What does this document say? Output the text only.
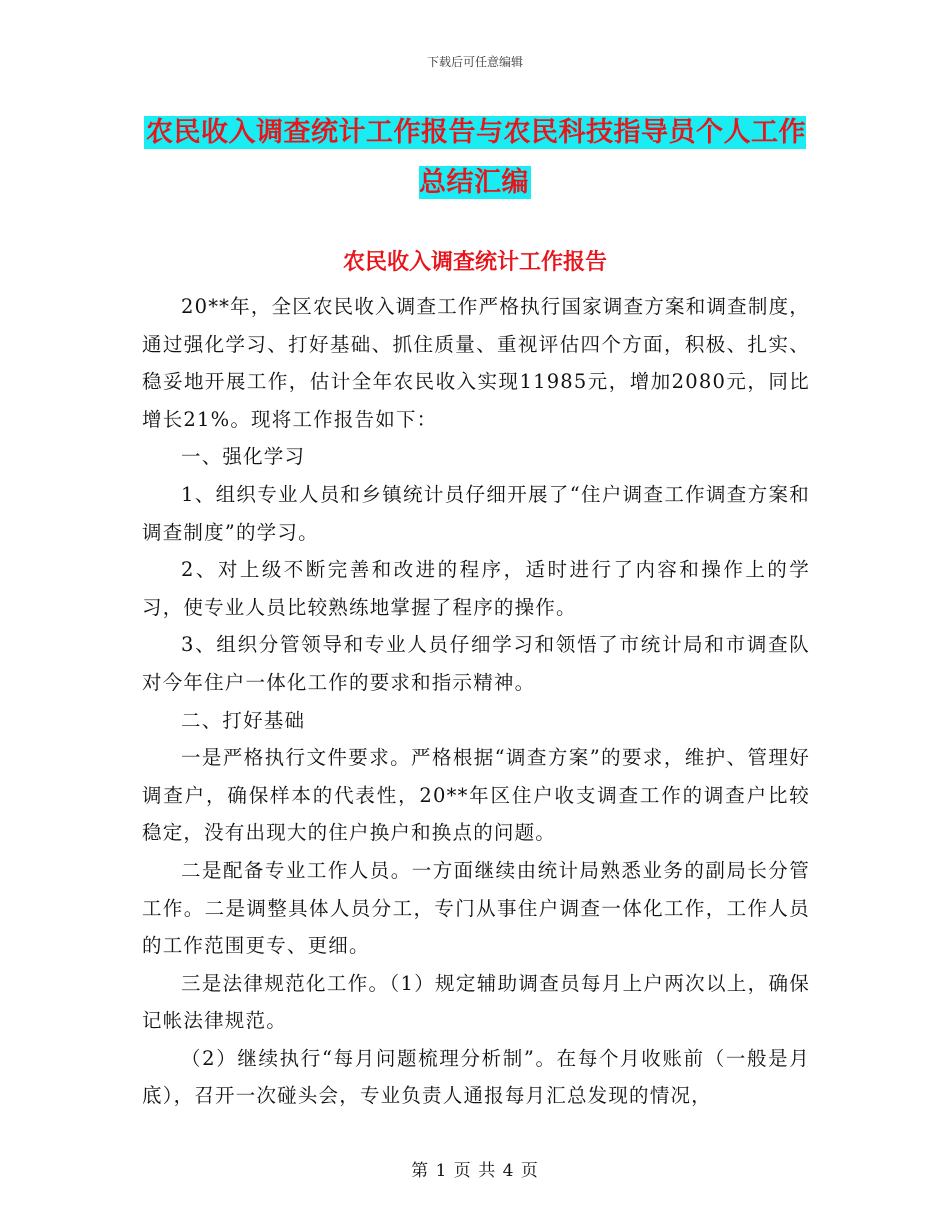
下载后可任意编辑
农民收入调查统计工作报告与农民科技指导员个人工作总结汇编
农民收入调查统计工作报告

20**年，全区农民收入调查工作严格执行国家调查方案和调查制度，通过强化学习、打好基础、抓住质量、重视评估四个方面，积极、扎实、稳妥地开展工作，估计全年农民收入实现11985元，增加2080元，同比增长21%。现将工作报告如下：

一、强化学习

1、组织专业人员和乡镇统计员仔细开展了“住户调查工作调查方案和调查制度”的学习。

2、对上级不断完善和改进的程序，适时进行了内容和操作上的学习，使专业人员比较熟练地掌握了程序的操作。

3、组织分管领导和专业人员仔细学习和领悟了市统计局和市调查队对今年住户一体化工作的要求和指示精神。

二、打好基础

一是严格执行文件要求。严格根据“调查方案”的要求，维护、管理好调查户，确保样本的代表性，20**年区住户收支调查工作的调查户比较稳定，没有出现大的住户换户和换点的问题。

二是配备专业工作人员。一方面继续由统计局熟悉业务的副局长分管工作。二是调整具体人员分工，专门从事住户调查一体化工作，工作人员的工作范围更专、更细。

三是法律规范化工作。（1）规定辅助调查员每月上户两次以上，确保记帐法律规范。

（2）继续执行“每月问题梳理分析制”。在每个月收账前（一般是月底），召开一次碰头会，专业负责人通报每月汇总发现的情况，

第 1 页 共 4 页
